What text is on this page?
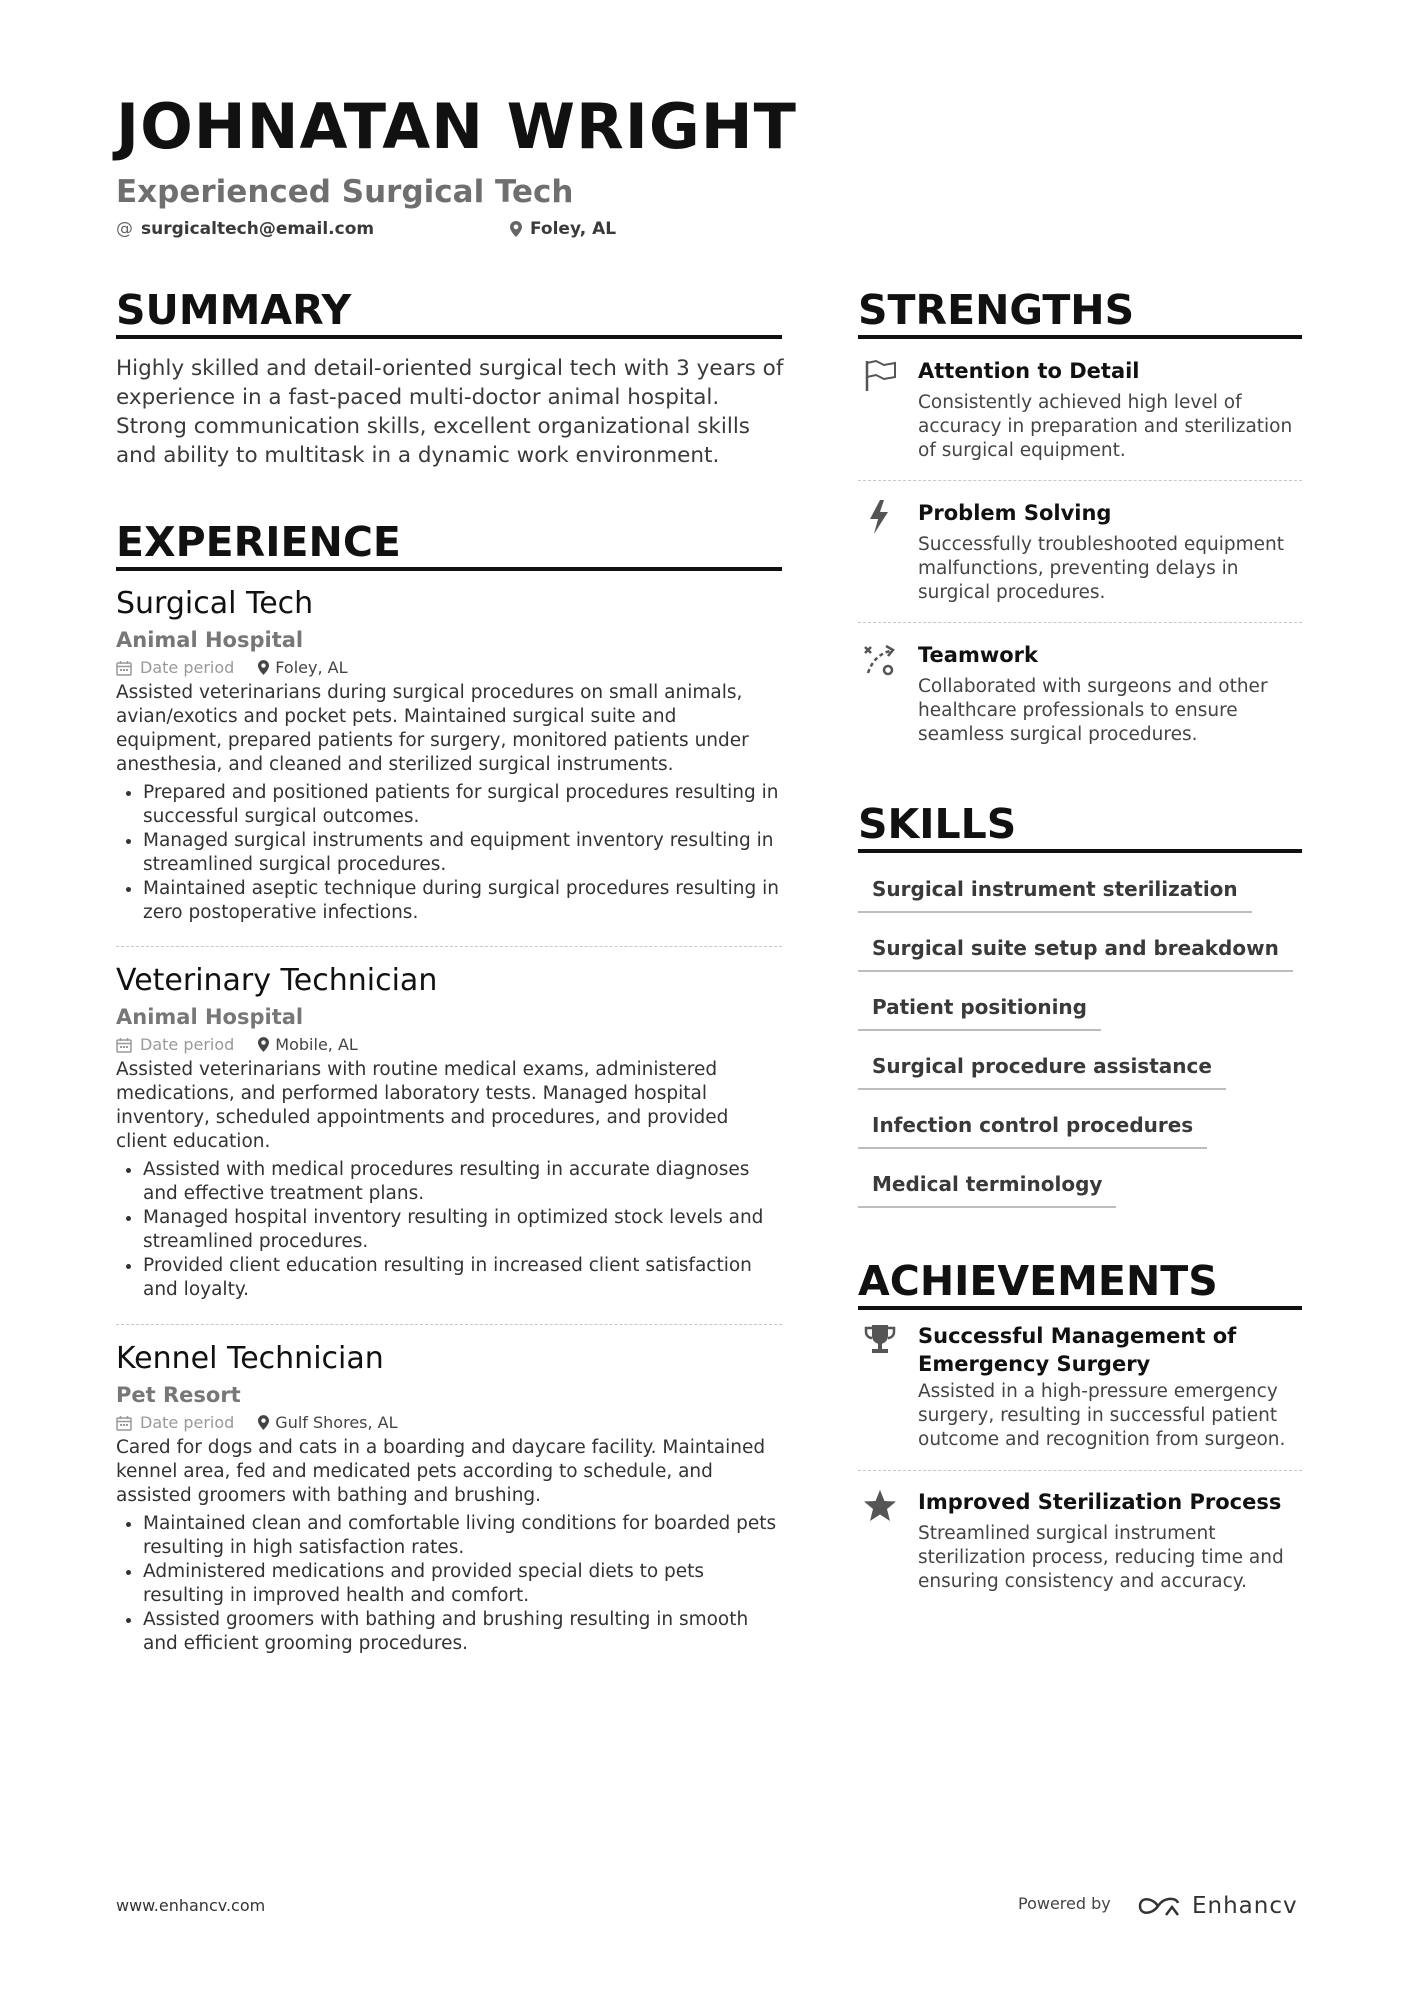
JOHNATAN WRIGHT
Experienced Surgical Tech
@ surgicaltech@email.com	Foley, AL
SUMMARY
Highly skilled and detail-oriented surgical tech with 3 years of experience in a fast-paced multi-doctor animal hospital. Strong communication skills, excellent organizational skills and ability to multitask in a dynamic work environment.
EXPERIENCE
Surgical Tech
Animal Hospital
Date period	Foley, AL
Assisted veterinarians during surgical procedures on small animals, avian/exotics and pocket pets. Maintained surgical suite and equipment, prepared patients for surgery, monitored patients under anesthesia, and cleaned and sterilized surgical instruments.
• Prepared and positioned patients for surgical procedures resulting in successful surgical outcomes.
• Managed surgical instruments and equipment inventory resulting in streamlined surgical procedures.
• Maintained aseptic technique during surgical procedures resulting in zero postoperative infections.
Veterinary Technician
Animal Hospital
Date period	Mobile, AL
Assisted veterinarians with routine medical exams, administered medications, and performed laboratory tests. Managed hospital inventory, scheduled appointments and procedures, and provided client education.
• Assisted with medical procedures resulting in accurate diagnoses and effective treatment plans.
• Managed hospital inventory resulting in optimized stock levels and streamlined procedures.
• Provided client education resulting in increased client satisfaction and loyalty.
Kennel Technician
Pet Resort
Date period	Gulf Shores, AL
Cared for dogs and cats in a boarding and daycare facility. Maintained kennel area, fed and medicated pets according to schedule, and assisted groomers with bathing and brushing.
• Maintained clean and comfortable living conditions for boarded pets resulting in high satisfaction rates.
• Administered medications and provided special diets to pets resulting in improved health and comfort.
• Assisted groomers with bathing and brushing resulting in smooth and efficient grooming procedures.
STRENGTHS
Attention to Detail
Consistently achieved high level of accuracy in preparation and sterilization of surgical equipment.
Problem Solving
Successfully troubleshooted equipment malfunctions, preventing delays in surgical procedures.
Teamwork
Collaborated with surgeons and other healthcare professionals to ensure seamless surgical procedures.
SKILLS
Surgical instrument sterilization
Surgical suite setup and breakdown
Patient positioning
Surgical procedure assistance
Infection control procedures
Medical terminology
ACHIEVEMENTS
Successful Management of Emergency Surgery
Assisted in a high-pressure emergency surgery, resulting in successful patient outcome and recognition from surgeon.
Improved Sterilization Process
Streamlined surgical instrument sterilization process, reducing time and ensuring consistency and accuracy.
www.enhancv.com	Powered by	Enhancv
